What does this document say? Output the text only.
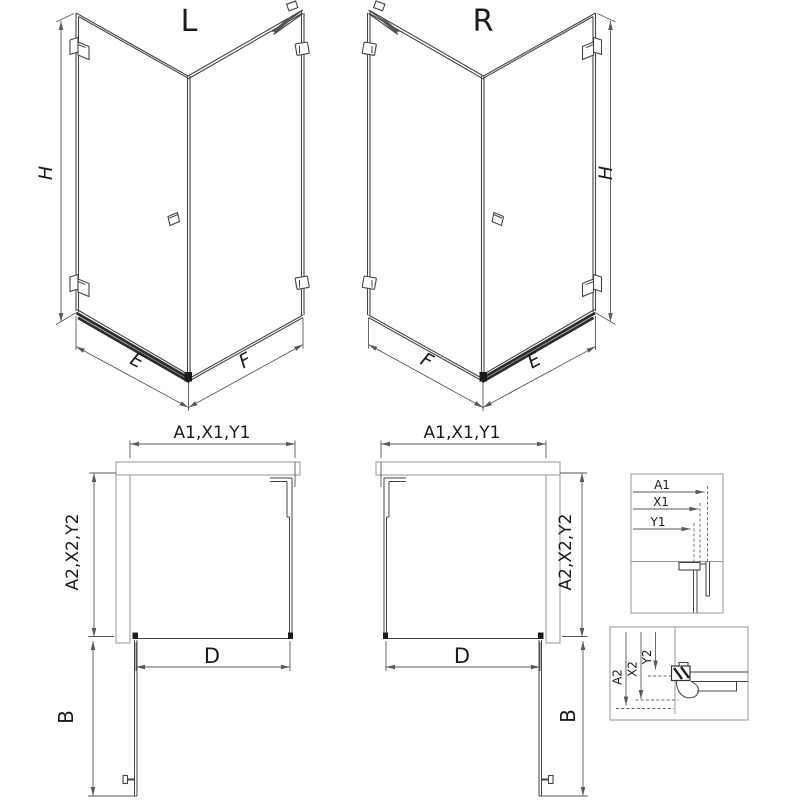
L
H
E	F
R
H
E
F
A1,X1,Y1
A2,X2,Y2
D
B
A1,X1,Y1
A2,X2,Y2
D
B
A1
X1
Y1
A2
X2
Y2
